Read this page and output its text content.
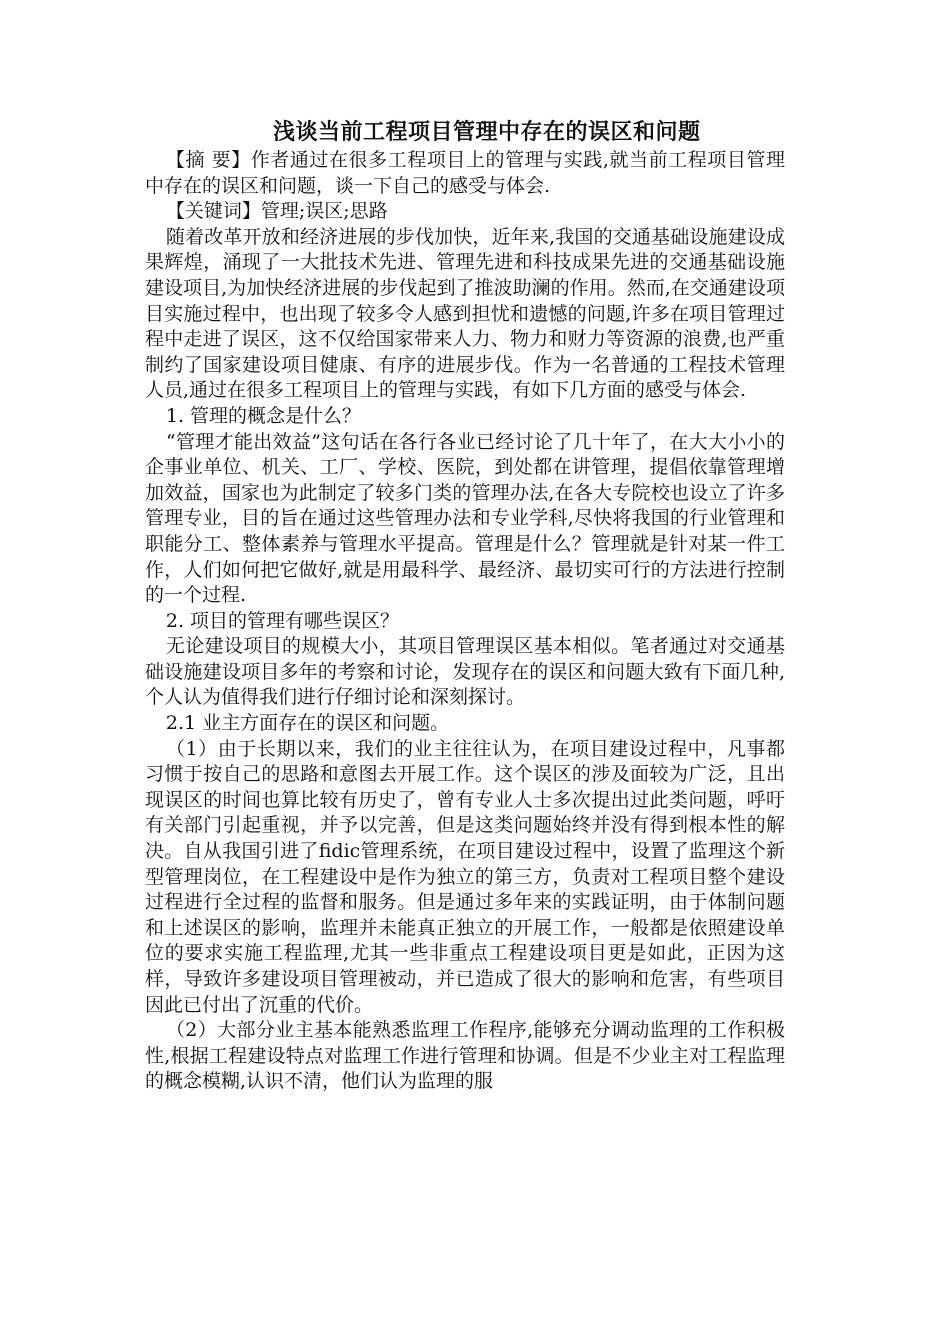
浅谈当前工程项目管理中存在的误区和问题

【摘 要】作者通过在很多工程项目上的管理与实践,就当前工程项目管理中存在的误区和问题，谈一下自己的感受与体会.

【关键词】管理;误区;思路

随着改革开放和经济进展的步伐加快，近年来,我国的交通基础设施建设成果辉煌，涌现了一大批技术先进、管理先进和科技成果先进的交通基础设施建设项目,为加快经济进展的步伐起到了推波助澜的作用。然而,在交通建设项目实施过程中，也出现了较多令人感到担忧和遗憾的问题,许多在项目管理过程中走进了误区，这不仅给国家带来人力、物力和财力等资源的浪费,也严重制约了国家建设项目健康、有序的进展步伐。作为一名普通的工程技术管理人员,通过在很多工程项目上的管理与实践，有如下几方面的感受与体会.

1. 管理的概念是什么？

“管理才能出效益”这句话在各行各业已经讨论了几十年了，在大大小小的企事业单位、机关、工厂、学校、医院，到处都在讲管理，提倡依靠管理增加效益，国家也为此制定了较多门类的管理办法,在各大专院校也设立了许多管理专业，目的旨在通过这些管理办法和专业学科,尽快将我国的行业管理和职能分工、整体素养与管理水平提高。管理是什么？管理就是针对某一件工作，人们如何把它做好,就是用最科学、最经济、最切实可行的方法进行控制的一个过程.

2. 项目的管理有哪些误区？

无论建设项目的规模大小，其项目管理误区基本相似。笔者通过对交通基础设施建设项目多年的考察和讨论，发现存在的误区和问题大致有下面几种,个人认为值得我们进行仔细讨论和深刻探讨。

2.1 业主方面存在的误区和问题。

（1）由于长期以来，我们的业主往往认为，在项目建设过程中，凡事都习惯于按自己的思路和意图去开展工作。这个误区的涉及面较为广泛，且出现误区的时间也算比较有历史了，曾有专业人士多次提出过此类问题，呼吁有关部门引起重视，并予以完善，但是这类问题始终并没有得到根本性的解决。自从我国引进了fidic管理系统，在项目建设过程中，设置了监理这个新型管理岗位，在工程建设中是作为独立的第三方，负责对工程项目整个建设过程进行全过程的监督和服务。但是通过多年来的实践证明，由于体制问题和上述误区的影响，监理并未能真正独立的开展工作，一般都是依照建设单位的要求实施工程监理,尤其一些非重点工程建设项目更是如此，正因为这样，导致许多建设项目管理被动，并已造成了很大的影响和危害，有些项目因此已付出了沉重的代价。

（2）大部分业主基本能熟悉监理工作程序,能够充分调动监理的工作积极性,根据工程建设特点对监理工作进行管理和协调。但是不少业主对工程监理的概念模糊,认识不清，他们认为监理的服
